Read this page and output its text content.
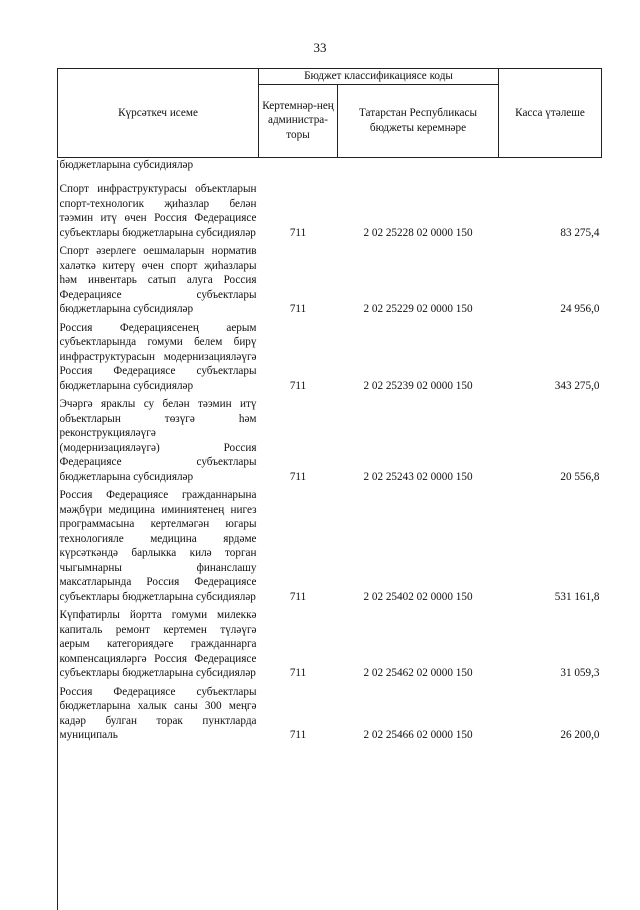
33
Күрсәткеч исеме	Бюджет классификациясе коды		Касса үтәлеше
	Кертемнәр-нең администра-торы	Татарстан Республикасы бюджеты керемнәре	
бюджетларына субсидияләр			
Спорт инфраструктурасы объектларын спорт-технологик җиһазлар белән тәэмин итү өчен Россия Федерациясе субъектлары бюджетларына субсидияләр	711	2 02 25228 02 0000 150	83 275,4
Спорт әзерлеге оешмаларын норматив халәткә китерү өчен спорт җиһазлары һәм инвентарь сатып алуга Россия Федерациясе субъектлары бюджетларына субсидияләр	711	2 02 25229 02 0000 150	24 956,0
Россия Федерациясенең аерым субъектларында гомуми белем бирү инфраструктурасын модернизацияләүгә Россия Федерациясе субъектлары бюджетларына субсидияләр	711	2 02 25239 02 0000 150	343 275,0
Эчәргә яраклы су белән тәэмин итү объектларын төзүгә һәм реконструкцияләүгә (модернизацияләүгә) Россия Федерациясе субъектлары бюджетларына субсидияләр	711	2 02 25243 02 0000 150	20 556,8
Россия Федерациясе гражданнарына мәҗбүри медицина иминиятенең нигез программасына кертелмәгән югары технологияле медицина ярдәме күрсәткәндә барлыкка килә торган чыгымнарны финанслашу максатларында Россия Федерациясе субъектлары бюджетларына субсидияләр	711	2 02 25402 02 0000 150	531 161,8
Күпфатирлы йортта гомуми милеккә капиталь ремонт кертемен түләүгә аерым категориядәге гражданнарга компенсацияләргә Россия Федерациясе субъектлары бюджетларына субсидияләр	711	2 02 25462 02 0000 150	31 059,3
Россия Федерациясе субъектлары бюджетларына халык саны 300 меңгә кадәр булган торак пунктларда муниципаль	711	2 02 25466 02 0000 150	26 200,0
